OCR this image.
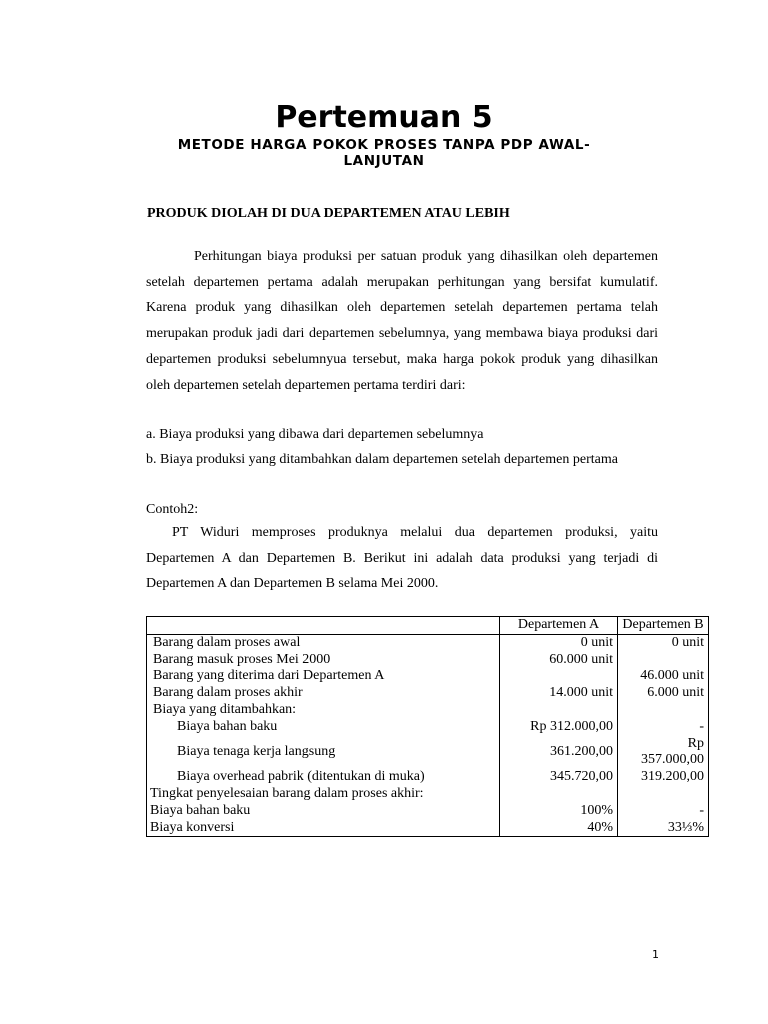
Pertemuan 5
METODE HARGA POKOK PROSES TANPA PDP AWAL-LANJUTAN
PRODUK DIOLAH DI DUA DEPARTEMEN ATAU LEBIH

Perhitungan biaya produksi per satuan produk yang dihasilkan oleh departemen setelah departemen pertama adalah merupakan perhitungan yang bersifat kumulatif. Karena produk yang dihasilkan oleh departemen setelah departemen pertama telah merupakan produk jadi dari departemen sebelumnya, yang membawa biaya produksi dari departemen produksi sebelumnyua tersebut, maka harga pokok produk yang dihasilkan oleh departemen setelah departemen pertama terdiri dari:

a. Biaya produksi yang dibawa dari departemen sebelumnya
b. Biaya produksi yang ditambahkan dalam departemen setelah departemen pertama
Contoh2:

PT Widuri memproses produknya melalui dua departemen produksi, yaitu Departemen A dan Departemen B. Berikut ini adalah data produksi yang terjadi di Departemen A dan Departemen B selama Mei 2000.

	Departemen A	Departemen B
Barang dalam proses awal	0 unit	0 unit
Barang masuk proses Mei 2000	60.000 unit	
Barang yang diterima dari Departemen A		46.000 unit
Barang dalam proses akhir	14.000 unit	6.000 unit
Biaya yang ditambahkan:		
Biaya bahan baku	Rp 312.000,00	-
Biaya tenaga kerja langsung	361.200,00	Rp 357.000,00
Biaya overhead pabrik (ditentukan di muka)	345.720,00	319.200,00
Tingkat penyelesaian barang dalam proses akhir:		
Biaya bahan baku	100%	-
Biaya konversi	40%	33⅓%
1
